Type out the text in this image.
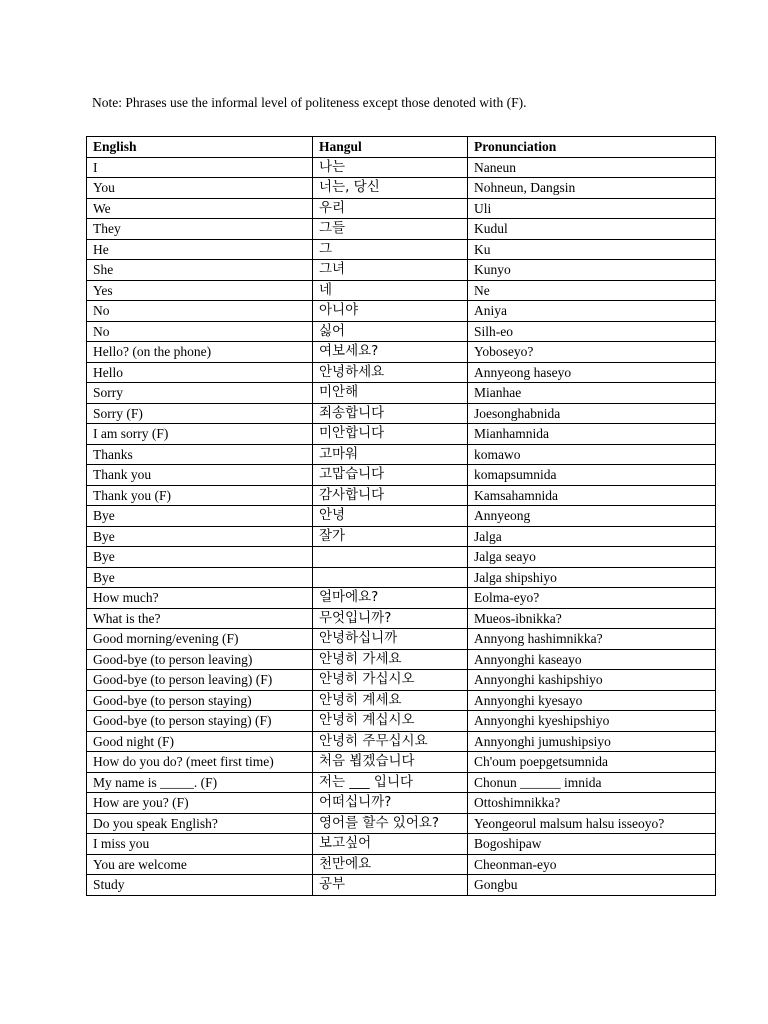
Note: Phrases use the informal level of politeness except those denoted with (F).
English	Hangul	Pronunciation
I	나는	Naneun
You	너는, 당신	Nohneun, Dangsin
We	우리	Uli
They	그들	Kudul
He	그	Ku
She	그녀	Kunyo
Yes	네	Ne
No	아니야	Aniya
No	싫어	Silh-eo
Hello? (on the phone)	여보세요?	Yoboseyo?
Hello	안녕하세요	Annyeong haseyo
Sorry	미안해	Mianhae
Sorry (F)	죄송합니다	Joesonghabnida
I am sorry (F)	미안합니다	Mianhamnida
Thanks	고마워	komawo
Thank you	고맙습니다	komapsumnida
Thank you (F)	감사합니다	Kamsahamnida
Bye	안녕	Annyeong
Bye	잘가	Jalga
Bye		Jalga seayo
Bye		Jalga shipshiyo
How much?	얼마에요?	Eolma-eyo?
What is the?	무엇입니까?	Mueos-ibnikka?
Good morning/evening (F)	안녕하십니까	Annyong hashimnikka?
Good-bye (to person leaving)	안녕히 가세요	Annyonghi kaseayo
Good-bye (to person leaving) (F)	안녕히 가십시오	Annyonghi kashipshiyo
Good-bye (to person staying)	안녕히 계세요	Annyonghi kyesayo
Good-bye (to person staying) (F)	안녕히 계십시오	Annyonghi kyeshipshiyo
Good night (F)	안녕히 주무십시요	Annyonghi jumushipsiyo
How do you do? (meet first time)	처음 뵙겠습니다	Ch'oum poepgetsumnida
My name is _____. (F)	저는 ___ 입니다	Chonun ______ imnida
How are you? (F)	어떠십니까?	Ottoshimnikka?
Do you speak English?	영어를 할수 있어요?	Yeongeorul malsum halsu isseoyo?
I miss you	보고싶어	Bogoshipaw
You are welcome	천만에요	Cheonman-eyo
Study	공부	Gongbu
